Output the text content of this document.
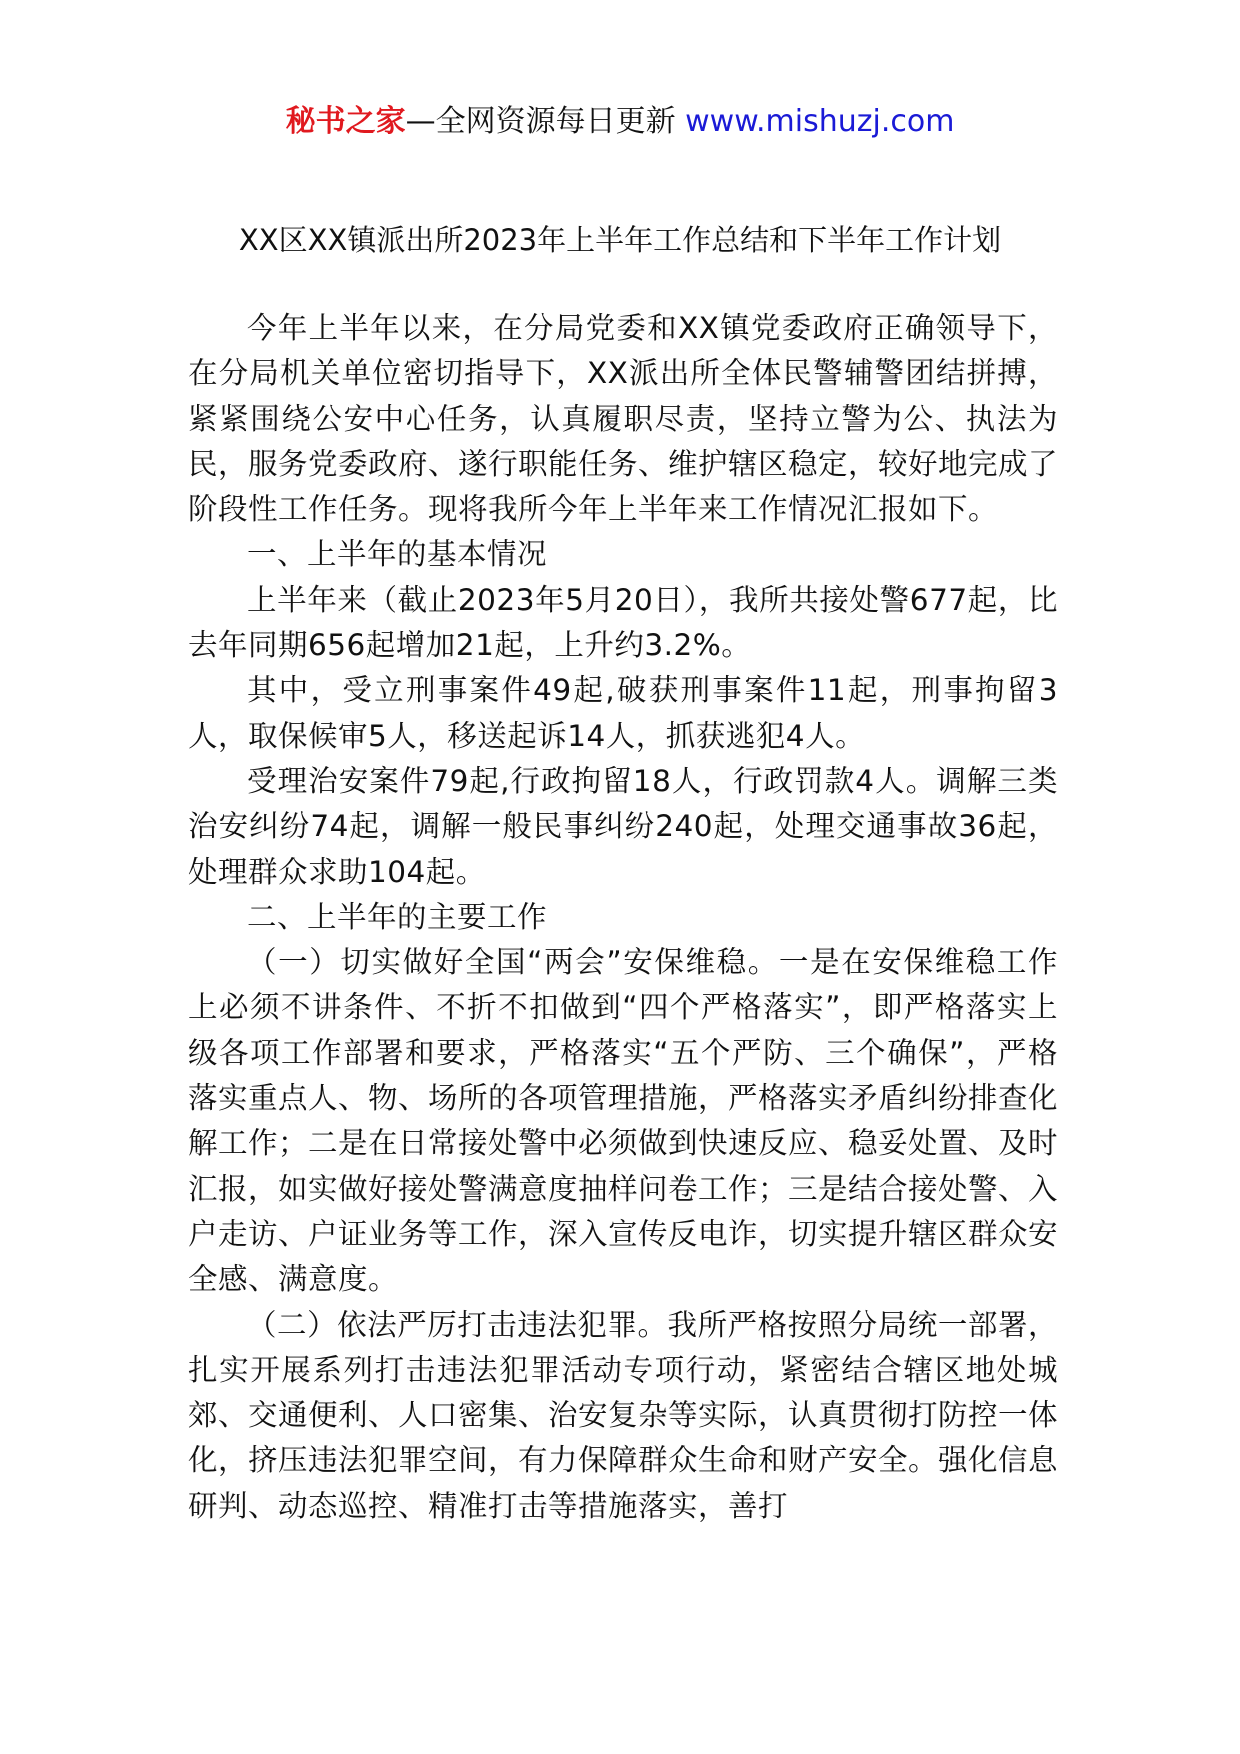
秘书之家—全网资源每日更新 www.mishuzj.com
XX区XX镇派出所2023年上半年工作总结和下半年工作计划

今年上半年以来，在分局党委和XX镇党委政府正确领导下，在分局机关单位密切指导下，XX派出所全体民警辅警团结拼搏，紧紧围绕公安中心任务，认真履职尽责，坚持立警为公、执法为民，服务党委政府、遂行职能任务、维护辖区稳定，较好地完成了阶段性工作任务。现将我所今年上半年来工作情况汇报如下。

一、上半年的基本情况

上半年来（截止2023年5月20日），我所共接处警677起，比去年同期656起增加21起，上升约3.2%。

其中，受立刑事案件49起,破获刑事案件11起，刑事拘留3人，取保候审5人，移送起诉14人，抓获逃犯4人。

受理治安案件79起,行政拘留18人，行政罚款4人。调解三类治安纠纷74起，调解一般民事纠纷240起，处理交通事故36起，处理群众求助104起。

二、上半年的主要工作

（一）切实做好全国“两会”安保维稳。一是在安保维稳工作上必须不讲条件、不折不扣做到“四个严格落实”，即严格落实上级各项工作部署和要求，严格落实“五个严防、三个确保”，严格落实重点人、物、场所的各项管理措施，严格落实矛盾纠纷排查化解工作；二是在日常接处警中必须做到快速反应、稳妥处置、及时汇报，如实做好接处警满意度抽样问卷工作；三是结合接处警、入户走访、户证业务等工作，深入宣传反电诈，切实提升辖区群众安全感、满意度。

（二）依法严厉打击违法犯罪。我所严格按照分局统一部署，扎实开展系列打击违法犯罪活动专项行动，紧密结合辖区地处城郊、交通便利、人口密集、治安复杂等实际，认真贯彻打防控一体化，挤压违法犯罪空间，有力保障群众生命和财产安全。强化信息研判、动态巡控、精准打击等措施落实，善打
